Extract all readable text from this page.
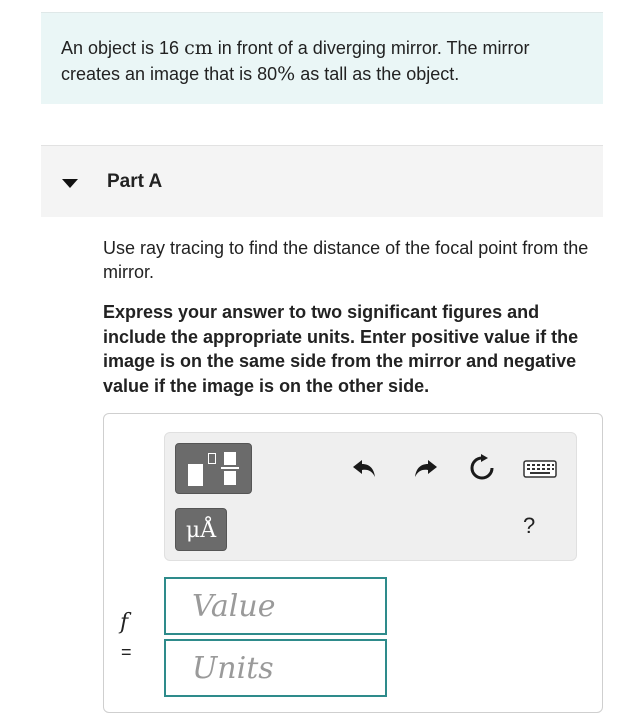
An object is 16 cm in front of a diverging mirror. The mirror creates an image that is 80% as tall as the object.
Part A
Use ray tracing to find the distance of the focal point from the mirror.
Express your answer to two significant figures and include the appropriate units. Enter positive value if the image is on the same side from the mirror and negative value if the image is on the other side.
μÅ	?
f
=
Value
Units
